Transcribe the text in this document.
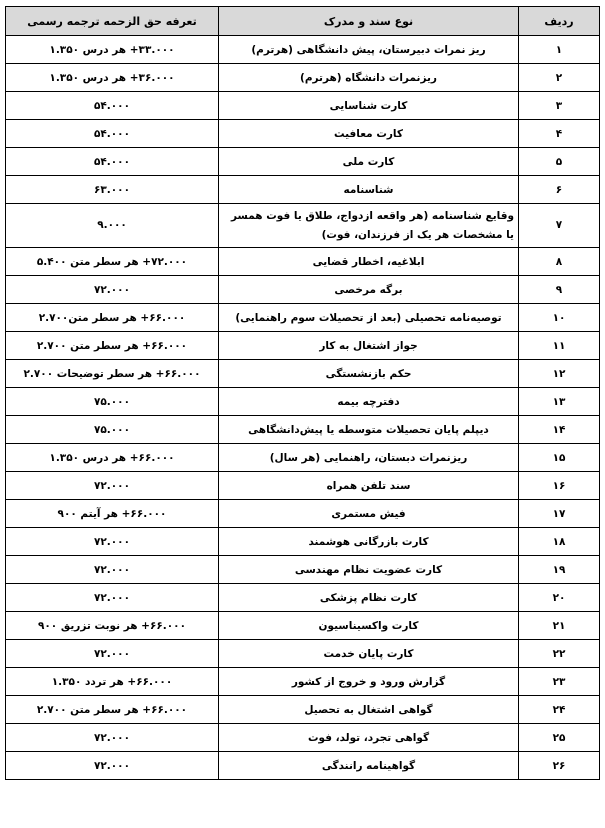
ردیف	نوع سند و مدرک	تعرفه حق الزحمه ترجمه رسمی
۱	ریز نمرات دبیرستان، پیش دانشگاهی (هرترم)	۳۳.۰۰۰+ هر درس ۱.۳۵۰
۲	ریزنمرات دانشگاه (هرترم)	۳۶.۰۰۰+ هر درس ۱.۳۵۰
۳	کارت شناسایی	۵۴.۰۰۰
۴	کارت معافیت	۵۴.۰۰۰
۵	کارت ملی	۵۴.۰۰۰
۶	شناسنامه	۶۳.۰۰۰
۷	وقایع شناسنامه (هر واقعه ازدواج، طلاق یا فوت همسر یا مشخصات هر یک از فرزندان، فوت)	۹.۰۰۰
۸	ابلاغیه، اخطار قضایی	۷۲.۰۰۰+ هر سطر متن ۵.۴۰۰
۹	برگه مرخصی	۷۲.۰۰۰
۱۰	توصیه‌نامه تحصیلی (بعد از تحصیلات سوم راهنمایی)	۶۶.۰۰۰+ هر سطر متن۲.۷۰۰
۱۱	جواز اشتغال به کار	۶۶.۰۰۰+ هر سطر متن ۲.۷۰۰
۱۲	حکم بازنشستگی	۶۶.۰۰۰+ هر سطر توضیحات ۲.۷۰۰
۱۳	دفترچه بیمه	۷۵.۰۰۰
۱۴	دیپلم پایان تحصیلات متوسطه یا پیش‌دانشگاهی	۷۵.۰۰۰
۱۵	ریزنمرات دبستان، راهنمایی (هر سال)	۶۶.۰۰۰+ هر درس ۱.۳۵۰
۱۶	سند تلفن همراه	۷۲.۰۰۰
۱۷	فیش مستمری	۶۶.۰۰۰+ هر آیتم ۹۰۰
۱۸	کارت بازرگانی هوشمند	۷۲.۰۰۰
۱۹	کارت عضویت نظام مهندسی	۷۲.۰۰۰
۲۰	کارت نظام پزشکی	۷۲.۰۰۰
۲۱	کارت واکسیناسیون	۶۶.۰۰۰+ هر نوبت تزریق ۹۰۰
۲۲	کارت پایان خدمت	۷۲.۰۰۰
۲۳	گزارش ورود و خروج از کشور	۶۶.۰۰۰+ هر تردد ۱.۳۵۰
۲۴	گواهی اشتغال به تحصیل	۶۶.۰۰۰+ هر سطر متن ۲.۷۰۰
۲۵	گواهی تجرد، تولد، فوت	۷۲.۰۰۰
۲۶	گواهینامه رانندگی	۷۲.۰۰۰
